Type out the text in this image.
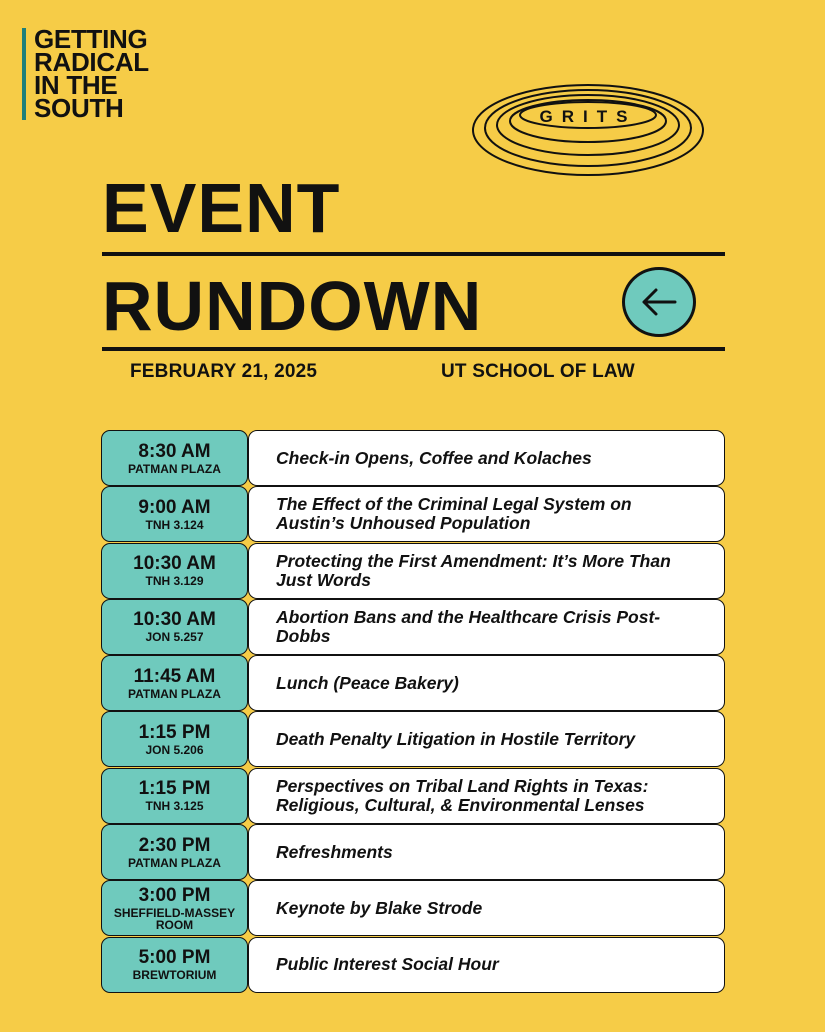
GETTING
RADICAL
IN THE
SOUTH	GRITS
EVENT
RUNDOWN
FEBRUARY 21, 2025	UT SCHOOL OF LAW
8:30 AM
PATMAN PLAZA
Check-in Opens, Coffee and Kolaches
9:00 AM
TNH 3.124
The Effect of the Criminal Legal System on Austin’s Unhoused Population
10:30 AM
TNH 3.129
Protecting the First Amendment: It’s More Than Just Words
10:30 AM
JON 5.257
Abortion Bans and the Healthcare Crisis Post-Dobbs
11:45 AM
PATMAN PLAZA
Lunch (Peace Bakery)
1:15 PM
JON 5.206
Death Penalty Litigation in Hostile Territory
1:15 PM
TNH 3.125
Perspectives on Tribal Land Rights in Texas: Religious, Cultural, & Environmental Lenses
2:30 PM
PATMAN PLAZA
Refreshments
3:00 PM
SHEFFIELD-MASSEY
ROOM
Keynote by Blake Strode
5:00 PM
BREWTORIUM
Public Interest Social Hour
